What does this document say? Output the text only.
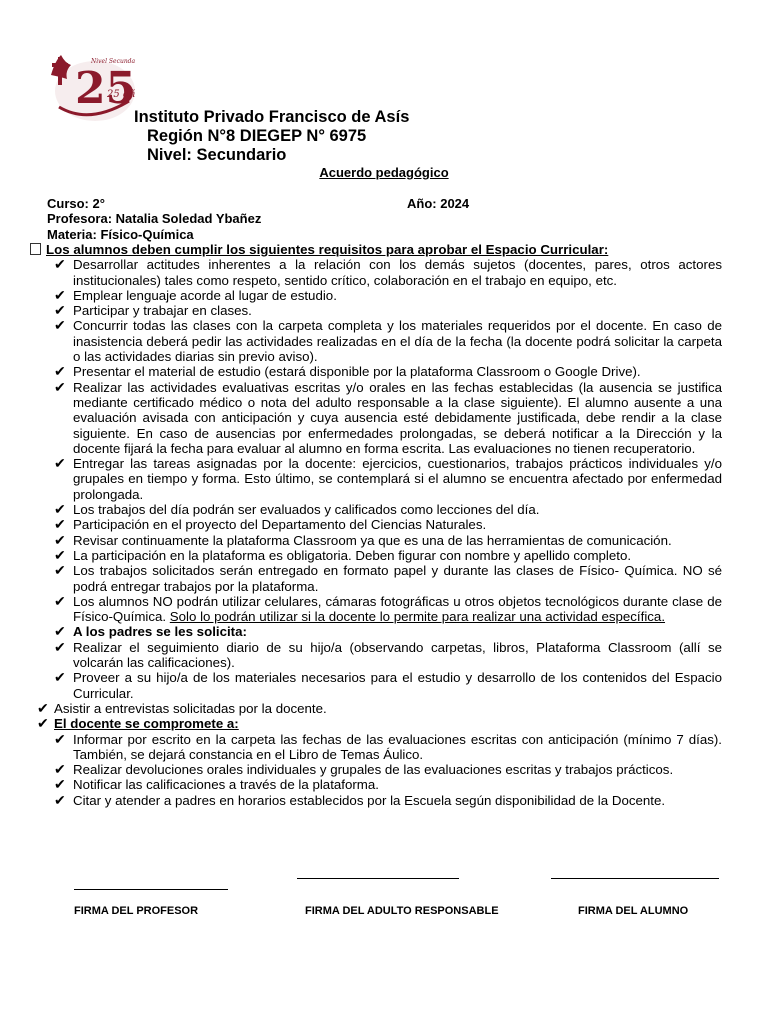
25
25 añ
Nivel Secunda
Instituto Privado Francisco de Asís
Región N°8 DIEGEP N° 6975
Nivel: Secundario
Acuerdo pedagógico
Curso: 2°	Año: 2024
Profesora: Natalia Soledad Ybañez
Materia: Físico-Química
Los alumnos deben cumplir los siguientes requisitos para aprobar el Espacio Curricular:
✔ Desarrollar actitudes inherentes a la relación con los demás sujetos (docentes, pares, otros actores institucionales) tales como respeto, sentido crítico, colaboración en el trabajo en equipo, etc.
✔ Emplear lenguaje acorde al lugar de estudio.
✔ Participar y trabajar en clases.
✔ Concurrir todas las clases con la carpeta completa y los materiales requeridos por el docente. En caso de inasistencia deberá pedir las actividades realizadas en el día de la fecha (la docente podrá solicitar la carpeta o las actividades diarias sin previo aviso).
✔ Presentar el material de estudio (estará disponible por la plataforma Classroom o Google Drive).
✔ Realizar las actividades evaluativas escritas y/o orales en las fechas establecidas (la ausencia se justifica mediante certificado médico o nota del adulto responsable a la clase siguiente). El alumno ausente a una evaluación avisada con anticipación y cuya ausencia esté debidamente justificada, debe rendir a la clase siguiente. En caso de ausencias por enfermedades prolongadas, se deberá notificar a la Dirección y la docente fijará la fecha para evaluar al alumno en forma escrita. Las evaluaciones no tienen recuperatorio.
✔ Entregar las tareas asignadas por la docente: ejercicios, cuestionarios, trabajos prácticos individuales y/o grupales en tiempo y forma. Esto último, se contemplará si el alumno se encuentra afectado por enfermedad prolongada.
✔ Los trabajos del día podrán ser evaluados y calificados como lecciones del día.
✔ Participación en el proyecto del Departamento del Ciencias Naturales.
✔ Revisar continuamente la plataforma Classroom ya que es una de las herramientas de comunicación.
✔ La participación en la plataforma es obligatoria. Deben figurar con nombre y apellido completo.
✔ Los trabajos solicitados serán entregado en formato papel y durante las clases de Físico- Química. NO sé podrá entregar trabajos por la plataforma.
✔ Los alumnos NO podrán utilizar celulares, cámaras fotográficas u otros objetos tecnológicos durante clase de Físico-Química. Solo lo podrán utilizar si la docente lo permite para realizar una actividad específica.
✔ A los padres se les solicita:
✔ Realizar el seguimiento diario de su hijo/a (observando carpetas, libros, Plataforma Classroom (allí se volcarán las calificaciones).
✔ Proveer a su hijo/a de los materiales necesarios para el estudio y desarrollo de los contenidos del Espacio Curricular.
✔ Asistir a entrevistas solicitadas por la docente.
✔ El docente se compromete a:
✔ Informar por escrito en la carpeta las fechas de las evaluaciones escritas con anticipación (mínimo 7 días). También, se dejará constancia en el Libro de Temas Áulico.
✔ Realizar devoluciones orales individuales y grupales de las evaluaciones escritas y trabajos prácticos.
✔ Notificar las calificaciones a través de la plataforma.
✔ Citar y atender a padres en horarios establecidos por la Escuela según disponibilidad de la Docente.
FIRMA DEL PROFESOR	FIRMA DEL ADULTO RESPONSABLE	FIRMA DEL ALUMNO
